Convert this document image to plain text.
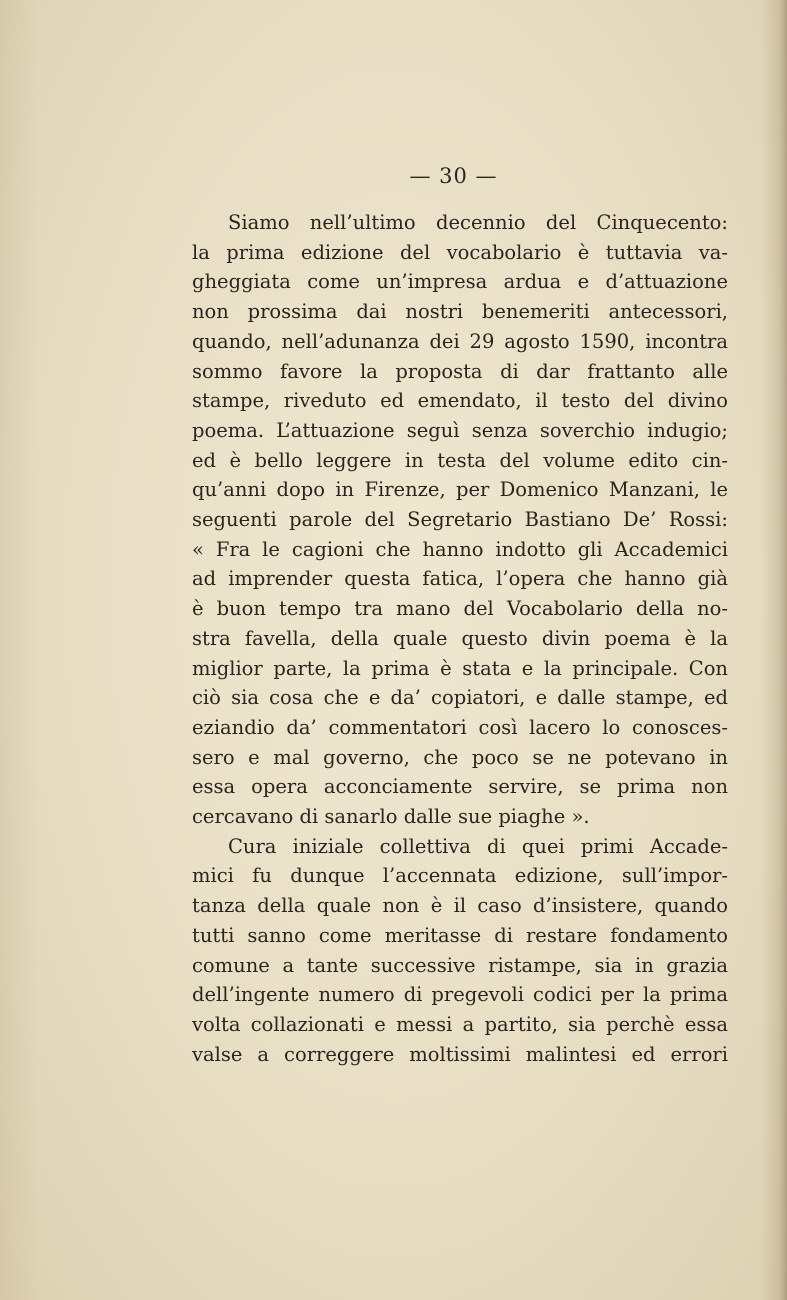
— 30 —
Siamo nell’ultimo decennio del Cinquecento:
la prima edizione del vocabolario è tuttavia va-
gheggiata come un’impresa ardua e d’attuazione
non prossima dai nostri benemeriti antecessori,
quando, nell’adunanza dei 29 agosto 1590, incontra
sommo favore la proposta di dar frattanto alle
stampe, riveduto ed emendato, il testo del divino
poema. L’attuazione seguì senza soverchio indugio;
ed è bello leggere in testa del volume edito cin-
qu’anni dopo in Firenze, per Domenico Manzani, le
seguenti parole del Segretario Bastiano De’ Rossi:
« Fra le cagioni che hanno indotto gli Accademici
ad imprender questa fatica, l’opera che hanno già
è buon tempo tra mano del Vocabolario della no-
stra favella, della quale questo divin poema è la
miglior parte, la prima è stata e la principale. Con
ciò sia cosa che e da’ copiatori, e dalle stampe, ed
eziandio da’ commentatori così lacero lo conosces-
sero e mal governo, che poco se ne potevano in
essa opera acconciamente servire, se prima non
cercavano di sanarlo dalle sue piaghe ».
Cura iniziale collettiva di quei primi Accade-
mici fu dunque l’accennata edizione, sull’impor-
tanza della quale non è il caso d’insistere, quando
tutti sanno come meritasse di restare fondamento
comune a tante successive ristampe, sia in grazia
dell’ingente numero di pregevoli codici per la prima
volta collazionati e messi a partito, sia perchè essa
valse a correggere moltissimi malintesi ed errori
